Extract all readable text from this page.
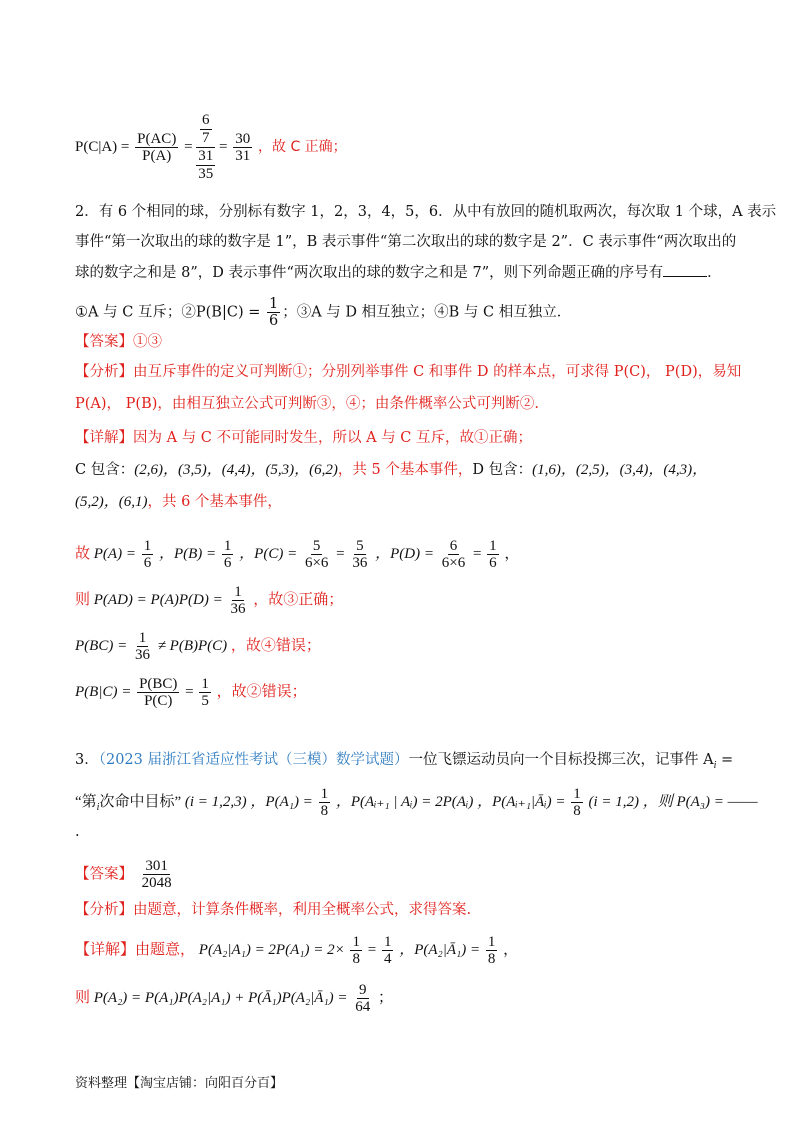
$P(C|A) = \frac{P(AC)}{P(A)}$ =
6
7
31
35
= $\frac{30}{31}$ ，故 C 正确；
2．有 6 个相同的球，分别标有数字 1，2，3，4，5，6．从中有放回的随机取两次，每次取 1 个球，A 表示
事件“第一次取出的球的数字是 1”，B 表示事件“第二次取出的球的数字是 2”．C 表示事件“两次取出的
球的数字之和是 8”，D 表示事件“两次取出的球的数字之和是 7”，则下列命题正确的序号有	．
①A 与 C 互斥；②P(B|C) = $\frac{1}{6}$ ；③A 与 D 相互独立；④B 与 C 相互独立．
【答案】①③
【分析】由互斥事件的定义可判断①；分别列举事件 C 和事件 D 的样本点，可求得 P(C)， P(D)，易知
P(A)， P(B)，由相互独立公式可判断③，④；由条件概率公式可判断②.
【详解】因为 A 与 C 不可能同时发生，所以 A 与 C 互斥，故①正确；
C 包含：(2,6)，(3,5)，(4,4)，(5,3)，(6,2)，共 5 个基本事件，D 包含：(1,6)，(2,5)，(3,4)，(4,3)，
(5,2)，(6,1)，共 6 个基本事件，
故 $P(A) = \frac{1}{6}$ ，$P(B) = \frac{1}{6}$ ，$P(C) = \frac{5}{6\times 6} = \frac{5}{36}$ ，$P(D) = \frac{6}{6\times 6} = \frac{1}{6}$ ，
则 $P(AD) = P(A)P(D) = \frac{1}{36}$ ，故③正确；
$P(BC) = \frac{1}{36} \ne P(B)P(C)$ ，故④错误；
$P(B|C) = \frac{P(BC)}{P(C)} = \frac{1}{5}$ ，故②错误；
3．（2023 届浙江省适应性考试（三模）数学试题）一位飞镖运动员向一个目标投掷三次，记事件 $A_i$ =
“第$_i$次命中目标” (i = 1,2,3) ，$P(A_1) = \frac{1}{8}$ ，P(Aᵢ₊₁ | Aᵢ) = 2P(Aᵢ) ，P(Aᵢ₊₁|Āᵢ) = $\frac{1}{8} (i = 1,2)$ ，则 P(A₃) = ——
.
【答案】 $\frac{301}{2048}$
【分析】由题意，计算条件概率，利用全概率公式，求得答案.
【详解】由题意， $P(A_2|A_1) = 2P(A_1) = 2\times \frac{1}{8} = \frac{1}{4}$ ，P(A₂|Ā₁) = $\frac{1}{8}$ ，
则 P(A₂) = P(A₁)P(A₂|A₁) + P(Ā₁)P(A₂|Ā₁) = $\frac{9}{64}$ ；
资料整理【淘宝店铺：向阳百分百】
